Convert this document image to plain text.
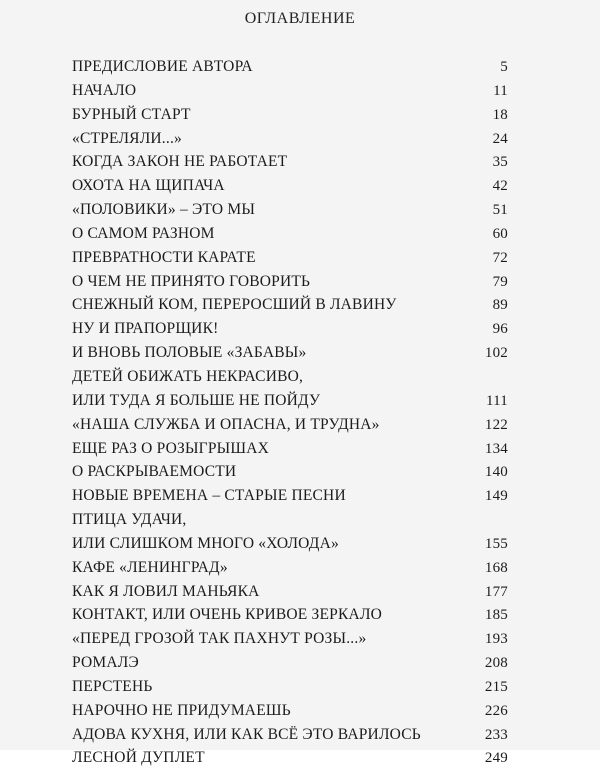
ОГЛАВЛЕНИЕ
ПРЕДИСЛОВИЕ АВТОРА	5
НАЧАЛО	11
БУРНЫЙ СТАРТ	18
«СТРЕЛЯЛИ...»	24
КОГДА ЗАКОН НЕ РАБОТАЕТ	35
ОХОТА НА ЩИПАЧА	42
«ПОЛОВИКИ» – ЭТО МЫ	51
О САМОМ РАЗНОМ	60
ПРЕВРАТНОСТИ КАРАТЕ	72
О ЧЕМ НЕ ПРИНЯТО ГОВОРИТЬ	79
СНЕЖНЫЙ КОМ, ПЕРЕРОСШИЙ В ЛАВИНУ	89
НУ И ПРАПОРЩИК!	96
И ВНОВЬ ПОЛОВЫЕ «ЗАБАВЫ»	102
ДЕТЕЙ ОБИЖАТЬ НЕКРАСИВО,
ИЛИ ТУДА Я БОЛЬШЕ НЕ ПОЙДУ	111
«НАША СЛУЖБА И ОПАСНА, И ТРУДНА»	122
ЕЩЕ РАЗ О РОЗЫГРЫШАХ	134
О РАСКРЫВАЕМОСТИ	140
НОВЫЕ ВРЕМЕНА – СТАРЫЕ ПЕСНИ	149
ПТИЦА УДАЧИ,
ИЛИ СЛИШКОМ МНОГО «ХОЛОДА»	155
КАФЕ «ЛЕНИНГРАД»	168
КАК Я ЛОВИЛ МАНЬЯКА	177
КОНТАКТ, ИЛИ ОЧЕНЬ КРИВОЕ ЗЕРКАЛО	185
«ПЕРЕД ГРОЗОЙ ТАК ПАХНУТ РОЗЫ...»	193
РОМАЛЭ	208
ПЕРСТЕНЬ	215
НАРОЧНО НЕ ПРИДУМАЕШЬ	226
АДОВА КУХНЯ, ИЛИ КАК ВСЁ ЭТО ВАРИЛОСЬ	233
ЛЕСНОЙ ДУПЛЕТ	249
